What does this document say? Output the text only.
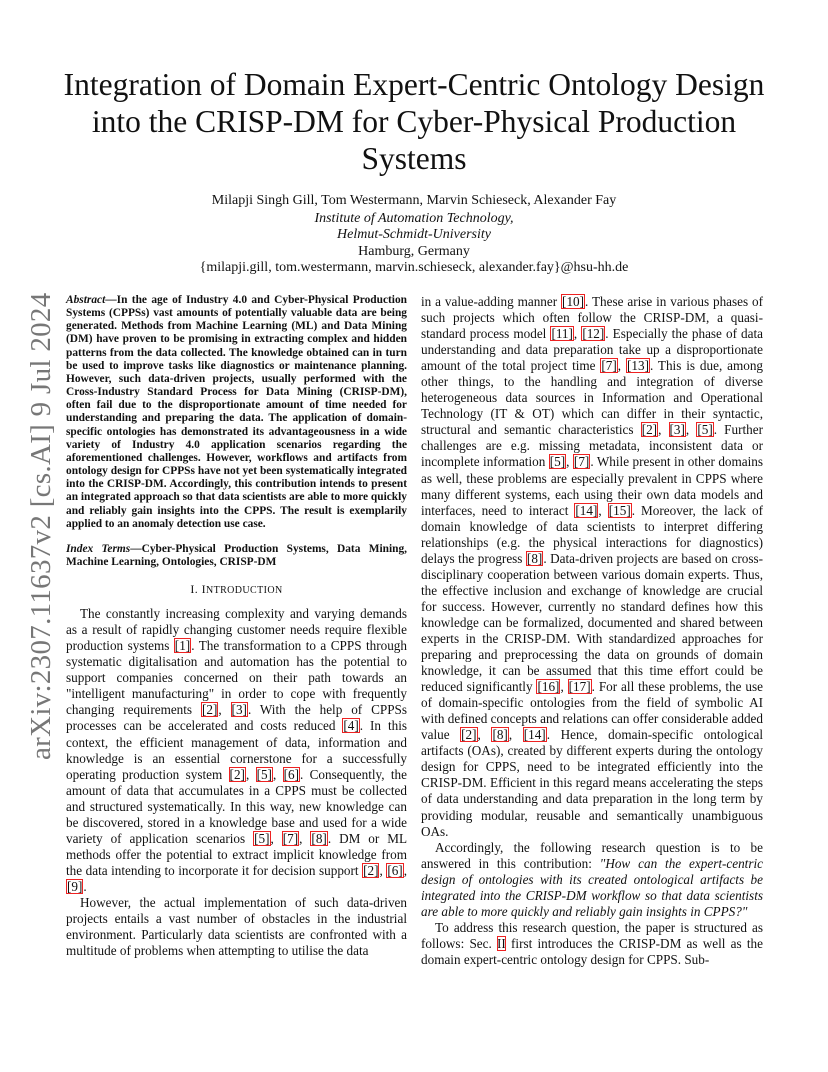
Integration of Domain Expert-Centric Ontology Design into the CRISP-DM for Cyber-Physical Production Systems
Milapji Singh Gill, Tom Westermann, Marvin Schieseck, Alexander Fay
Institute of Automation Technology,
Helmut-Schmidt-University
Hamburg, Germany
{milapji.gill, tom.westermann, marvin.schieseck, alexander.fay}@hsu-hh.de
arXiv:2307.11637v2 [cs.AI] 9 Jul 2024 Abstract—In the age of Industry 4.0 and Cyber-Physical Production Systems (CPPSs) vast amounts of potentially valuable data are being generated. Methods from Machine Learning (ML) and Data Mining (DM) have proven to be promising in extracting complex and hidden patterns from the data collected. The knowledge obtained can in turn be used to improve tasks like diagnostics or maintenance planning. However, such data-driven projects, usually performed with the Cross-Industry Standard Process for Data Mining (CRISP-DM), often fail due to the disproportionate amount of time needed for understanding and preparing the data. The application of domain-specific ontologies has demonstrated its advantageousness in a wide variety of Industry 4.0 application scenarios regarding the aforementioned challenges. However, workflows and artifacts from ontology design for CPPSs have not yet been systematically integrated into the CRISP-DM. Accordingly, this contribution intends to present an integrated approach so that data scientists are able to more quickly and reliably gain insights into the CPPS. The result is exemplarily applied to an anomaly detection use case.
Index Terms—Cyber-Physical Production Systems, Data Mining, Machine Learning, Ontologies, CRISP-DM
I. INTRODUCTION

The constantly increasing complexity and varying demands as a result of rapidly changing customer needs require flexible production systems [1]. The transformation to a CPPS through systematic digitalisation and automation has the potential to support companies concerned on their path towards an "intelligent manufacturing" in order to cope with frequently changing requirements [2], [3]. With the help of CPPSs processes can be accelerated and costs reduced [4]. In this context, the efficient management of data, information and knowledge is an essential cornerstone for a successfully operating production system [2], [5], [6]. Consequently, the amount of data that accumulates in a CPPS must be collected and structured systematically. In this way, new knowledge can be discovered, stored in a knowledge base and used for a wide variety of application scenarios [5], [7], [8]. DM or ML methods offer the potential to extract implicit knowledge from the data intending to incorporate it for decision support [2], [6], [9].

However, the actual implementation of such data-driven projects entails a vast number of obstacles in the industrial environment. Particularly data scientists are confronted with a multitude of problems when attempting to utilise the data

in a value-adding manner [10]. These arise in various phases of such projects which often follow the CRISP-DM, a quasi-standard process model [11], [12]. Especially the phase of data understanding and data preparation take up a disproportionate amount of the total project time [7], [13]. This is due, among other things, to the handling and integration of diverse heterogeneous data sources in Information and Operational Technology (IT & OT) which can differ in their syntactic, structural and semantic characteristics [2], [3], [5]. Further challenges are e.g. missing metadata, inconsistent data or incomplete information [5], [7]. While present in other domains as well, these problems are especially prevalent in CPPS where many different systems, each using their own data models and interfaces, need to interact [14], [15]. Moreover, the lack of domain knowledge of data scientists to interpret differing relationships (e.g. the physical interactions for diagnostics) delays the progress [8]. Data-driven projects are based on cross-disciplinary cooperation between various domain experts. Thus, the effective inclusion and exchange of knowledge are crucial for success. However, currently no standard defines how this knowledge can be formalized, documented and shared between experts in the CRISP-DM. With standardized approaches for preparing and preprocessing the data on grounds of domain knowledge, it can be assumed that this time effort could be reduced significantly [16], [17]. For all these problems, the use of domain-specific ontologies from the field of symbolic AI with defined concepts and relations can offer considerable added value [2], [8], [14]. Hence, domain-specific ontological artifacts (OAs), created by different experts during the ontology design for CPPS, need to be integrated efficiently into the CRISP-DM. Efficient in this regard means accelerating the steps of data understanding and data preparation in the long term by providing modular, reusable and semantically unambiguous OAs.

Accordingly, the following research question is to be answered in this contribution: "How can the expert-centric design of ontologies with its created ontological artifacts be integrated into the CRISP-DM workflow so that data scientists are able to more quickly and reliably gain insights in CPPS?"

To address this research question, the paper is structured as follows: Sec. II first introduces the CRISP-DM as well as the domain expert-centric ontology design for CPPS. Sub-
